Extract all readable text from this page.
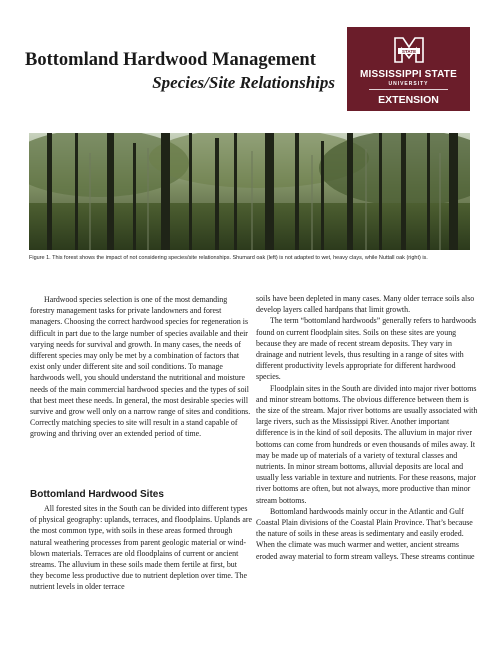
Bottomland Hardwood Management
Species/Site Relationships
STATE
MISSISSIPPI STATE
UNIVERSITY
EXTENSION
Figure 1. This forest shows the impact of not considering species/site relationships. Shumard oak (left) is not adapted to wet, heavy clays, while Nuttall oak (right) is.

Hardwood species selection is one of the most demanding forestry management tasks for private landowners and forest managers. Choosing the correct hardwood species for regeneration is difficult in part due to the large number of species available and their varying needs for survival and growth. In many cases, the needs of different species may only be met by a combination of factors that exist only under different site and soil conditions. To manage hardwoods well, you should understand the nutritional and moisture needs of the main commercial hardwood species and the types of soil that best meet these needs. In general, the most desirable species will survive and grow well only on a narrow range of sites and conditions. Correctly matching species to site will result in a stand capable of growing and thriving over an extended period of time.

Bottomland Hardwood Sites

All forested sites in the South can be divided into different types of physical geography: uplands, terraces, and floodplains. Uplands are the most common type, with soils in these areas formed through natural weathering processes from parent geologic material or wind-blown materials. Terraces are old floodplains of current or ancient streams. The alluvium in these soils made them fertile at first, but they become less productive due to nutrient depletion over time. The nutrient levels in older terrace

soils have been depleted in many cases. Many older terrace soils also develop layers called hardpans that limit growth.

The term “bottomland hardwoods” generally refers to hardwoods found on current floodplain sites. Soils on these sites are young because they are made of recent stream deposits. They vary in drainage and nutrient levels, thus resulting in a range of sites with different productivity levels appropriate for different hardwood species.

Floodplain sites in the South are divided into major river bottoms and minor stream bottoms. The obvious difference between them is the size of the stream. Major river bottoms are usually associated with large rivers, such as the Mississippi River. Another important difference is in the kind of soil deposits. The alluvium in major river bottoms can come from hundreds or even thousands of miles away. It may be made up of materials of a variety of textural classes and nutrients. In minor stream bottoms, alluvial deposits are local and usually less variable in texture and nutrients. For these reasons, major river bottoms are often, but not always, more productive than minor stream bottoms.

Bottomland hardwoods mainly occur in the Atlantic and Gulf Coastal Plain divisions of the Coastal Plain Province. That’s because the nature of soils in these areas is sedimentary and easily eroded. When the climate was much warmer and wetter, ancient streams eroded away material to form stream valleys. These streams continue
